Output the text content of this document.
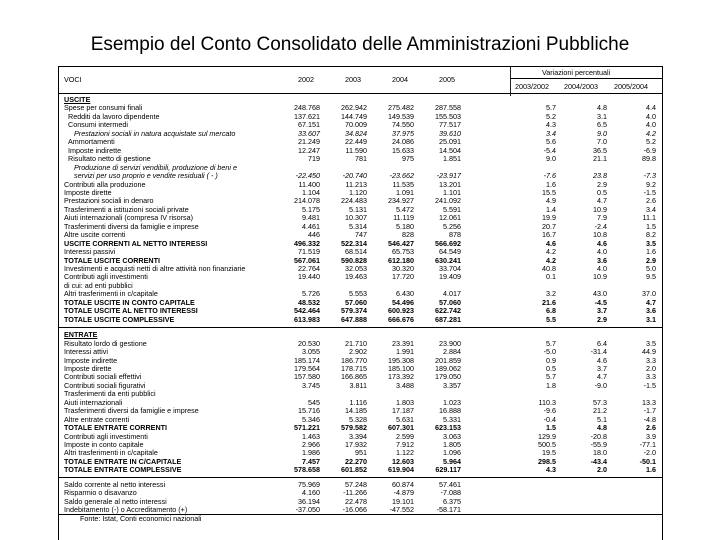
Esempio del Conto Consolidato delle Amministrazioni Pubbliche
VOCI	2002	2003	2004	2005
Variazioni percentuali
2003/2002 2004/2003 2005/2004
USCITE
Spese per consumi finali	248.768	262.942	275.482	287.558	5.7	4.8	4.4
Redditi da lavoro dipendente	137.621	144.749	149.539	155.503	5.2	3.1	4.0
Consumi intermedi	67.151	70.009	74.550	77.517	4.3	6.5	4.0
Prestazioni sociali in natura acquistate sul mercato	33.607	34.824	37.975	39.610	3.4	9.0	4.2
Ammortamenti	21.249	22.449	24.086	25.091	5.6	7.0	5.2
Imposte indirette	12.247	11.590	15.633	14.504	-5.4	36.5	-6.9
Risultato netto di gestione	719	781	975	1.851	9.0	21.1	89.8
Produzione di servizi vendibili, produzione di beni e
servizi per uso proprio e vendite residuali ( - )	-22.450	-20.740	-23.662	-23.917	-7.6	23.8	-7.3
Contributi alla produzione	11.400	11.213	11.535	13.201	1.6	2.9	9.2
Imposte dirette	1.104	1.120	1.091	1.101	15.5	0.5	-1.5
Prestazioni sociali in denaro	214.078	224.483	234.927	241.092	4.9	4.7	2.6
Trasferimenti a istituzioni sociali private	5.175	5.131	5.472	5.591	1.4	10.9	3.4
Aiuti internazionali (compresa IV risorsa)	9.481	10.307	11.119	12.061	19.9	7.9	11.1
Trasferimenti diversi da famiglie e imprese	4.461	5.314	5.180	5.256	20.7	-2.4	1.5
Altre uscite correnti	446	747	828	878	16.7	10.8	8.2
USCITE CORRENTI AL NETTO INTERESSI	496.332	522.314	546.427	566.692	4.6	4.6	3.5
Interessi passivi	71.519	68.514	65.753	64.549	4.2	4.0	1.6
TOTALE USCITE CORRENTI	567.061	590.828	612.180	630.241	4.2	3.6	2.9
Investimenti e acquisti netti di altre attività non finanziarie	22.764	32.053	30.320	33.704	40.8	4.0	5.0
Contributi agli investimenti	19.440	19.463	17.720	19.409	0.1	10.9	9.5
di cui: ad enti pubblici
Altri trasferimenti in c/capitale	5.726	5.553	6.430	4.017	3.2	43.0	37.0
TOTALE USCITE IN CONTO CAPITALE	48.532	57.060	54.496	57.060	21.6	-4.5	4.7
TOTALE USCITE AL NETTO INTERESSI	542.464	579.374	600.923	622.742	6.8	3.7	3.6
TOTALE USCITE COMPLESSIVE	613.983	647.888	666.676	687.281	5.5	2.9	3.1
ENTRATE
Risultato lordo di gestione	20.530	21.710	23.391	23.900	5.7	6.4	3.5
Interessi attivi	3.055	2.902	1.991	2.884	-5.0	-31.4	44.9
Imposte indirette	185.174	186.770	195.308	201.859	0.9	4.6	3.3
Imposte dirette	179.564	178.715	185.100	189.062	0.5	3.7	2.0
Contributi sociali effettivi	157.580	166.865	173.392	179.050	5.7	4.7	3.3
Contributi sociali figurativi	3.745	3.811	3.488	3.357	1.8	-9.0	-1.5
Trasferimenti da enti pubblici
Aiuti internazionali	545	1.116	1.803	1.023	110.3	57.3	13.3
Trasferimenti diversi da famiglie e imprese	15.716	14.185	17.187	16.888	-9.6	21.2	-1.7
Altre entrate correnti	5.346	5.328	5.631	5.331	-0.4	5.1	-4.8
TOTALE ENTRATE CORRENTI	571.221	579.582	607.301	623.153	1.5	4.8	2.6
Contributi agli investimenti	1.463	3.394	2.599	3.063	129.9	-20.8	3.9
Imposte in conto capitale	2.966	17.932	7.912	1.805	500.5	-55.9	-77.1
Altri trasferimenti in c/capitale	1.986	951	1.122	1.096	19.5	18.0	-2.0
TOTALE ENTRATE IN C/CAPITALE	7.457	22.270	12.603	5.964	298.5	-43.4	-50.1
TOTALE ENTRATE COMPLESSIVE	578.658	601.852	619.904	629.117	4.3	2.0	1.6
Saldo corrente al netto interessi	75.969	57.248	60.874	57.461
Risparmio o disavanzo	4.160	-11.266	-4.879	-7.088
Saldo generale al netto interessi	36.194	22.478	19.101	6.375
Indebitamento (-) o Accreditamento (+)	-37.050	-16.066	-47.552	-58.171
Fonte: Istat, Conti economici nazionali
